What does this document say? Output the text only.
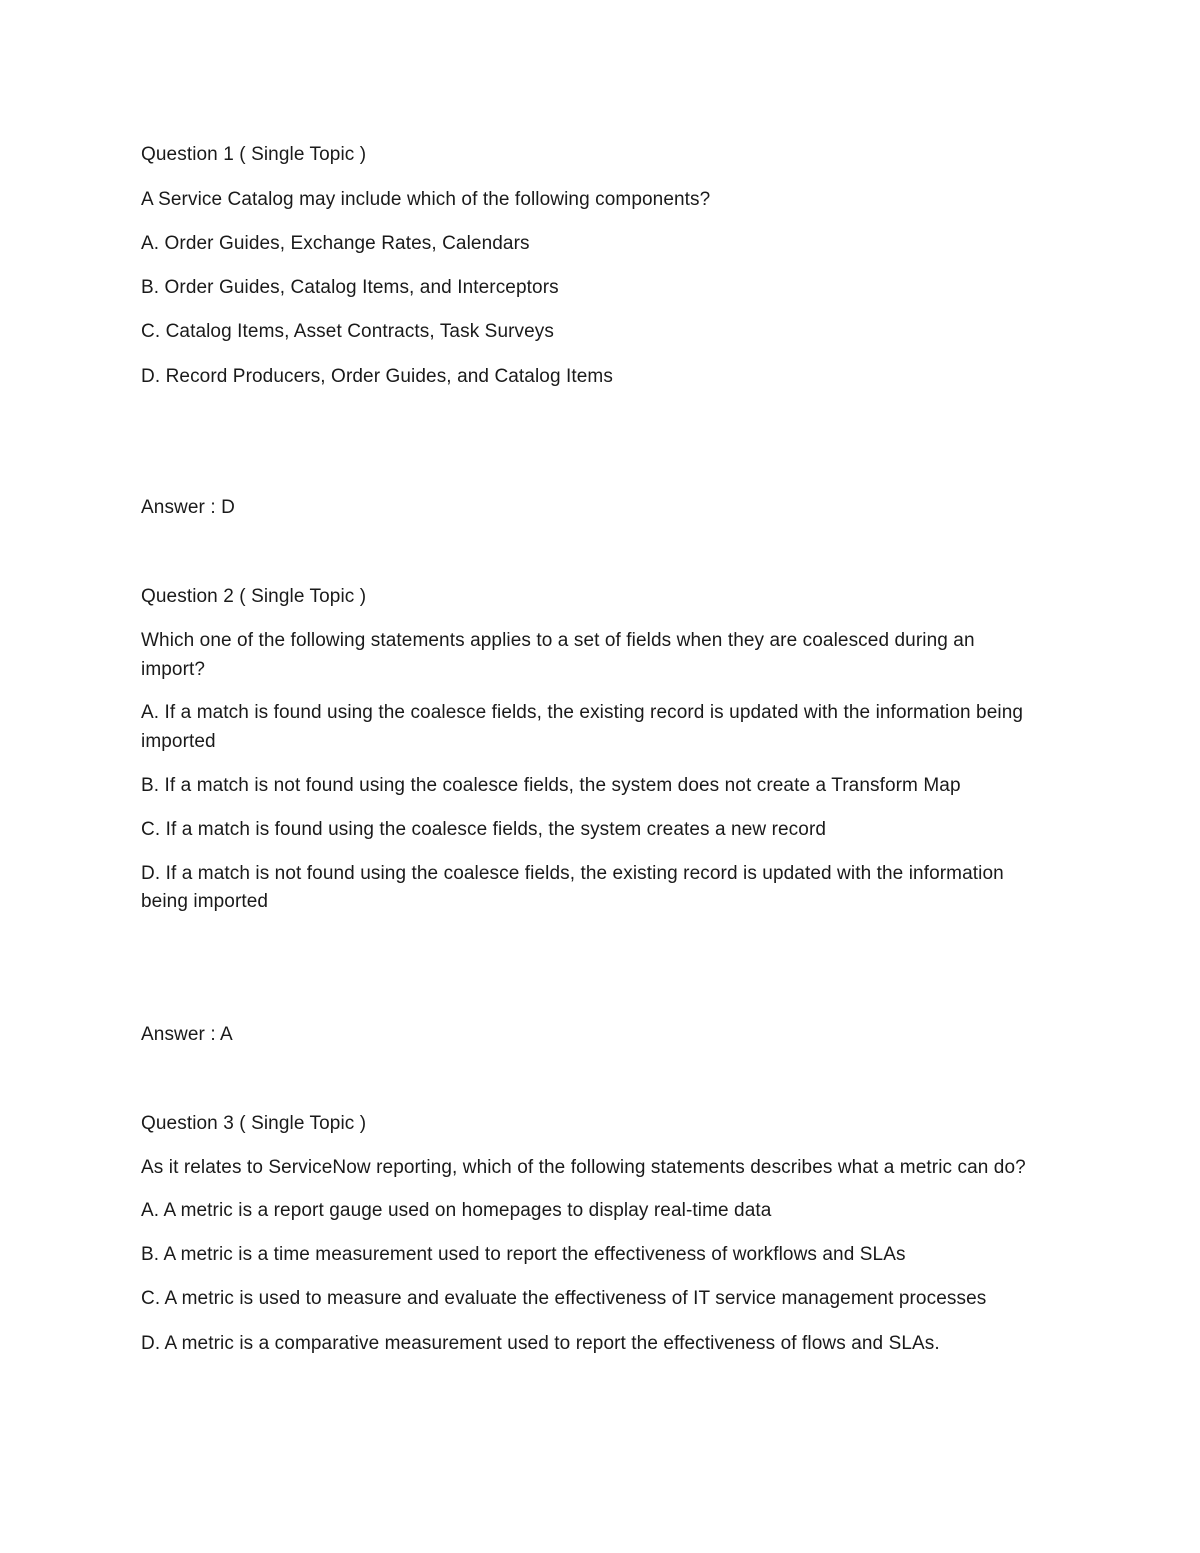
Question 1 ( Single Topic )
A Service Catalog may include which of the following components?
A. Order Guides, Exchange Rates, Calendars
B. Order Guides, Catalog Items, and Interceptors
C. Catalog Items, Asset Contracts, Task Surveys
D. Record Producers, Order Guides, and Catalog Items
Answer : D
Question 2 ( Single Topic )
Which one of the following statements applies to a set of fields when they are coalesced during an
import?
A. If a match is found using the coalesce fields, the existing record is updated with the information being
imported
B. If a match is not found using the coalesce fields, the system does not create a Transform Map
C. If a match is found using the coalesce fields, the system creates a new record
D. If a match is not found using the coalesce fields, the existing record is updated with the information
being imported
Answer : A
Question 3 ( Single Topic )
As it relates to ServiceNow reporting, which of the following statements describes what a metric can do?
A. A metric is a report gauge used on homepages to display real-time data
B. A metric is a time measurement used to report the effectiveness of workflows and SLAs
C. A metric is used to measure and evaluate the effectiveness of IT service management processes
D. A metric is a comparative measurement used to report the effectiveness of flows and SLAs.
